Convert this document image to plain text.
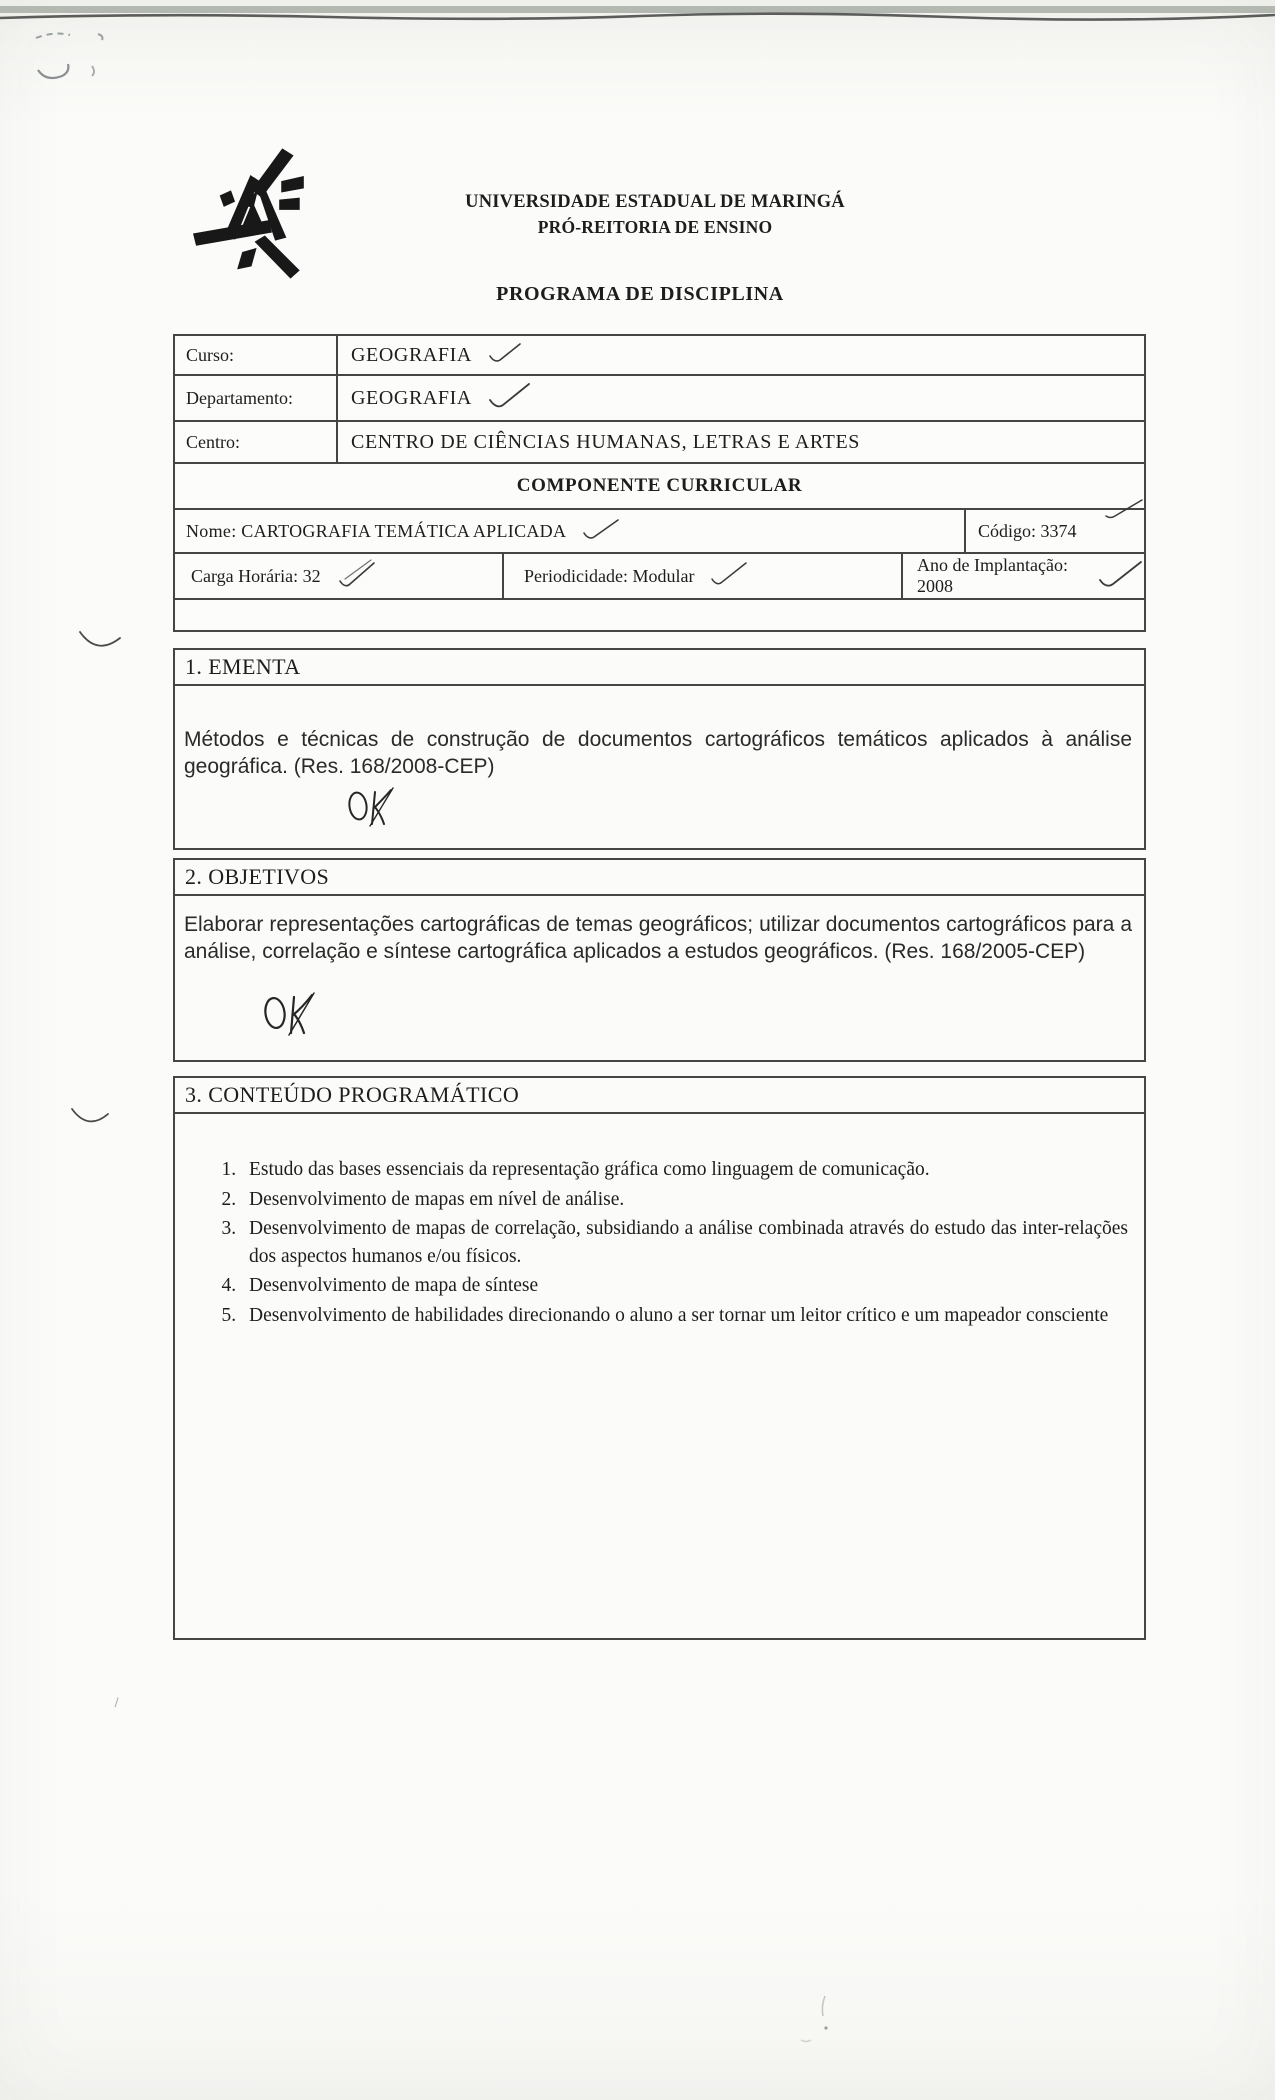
UNIVERSIDADE ESTADUAL DE MARINGÁ
PRÓ-REITORIA DE ENSINO
PROGRAMA DE DISCIPLINA
Curso:	GEOGRAFIA
Departamento:	GEOGRAFIA
Centro:	CENTRO DE CIÊNCIAS HUMANAS, LETRAS E ARTES
COMPONENTE CURRICULAR
Nome: CARTOGRAFIA TEMÁTICA APLICADA	Código: 3374
Carga Horária: 32	Periodicidade: Modular
Ano de Implantação: 2008
1. EMENTA

Métodos e técnicas de construção de documentos cartográficos temáticos aplicados à análise geográfica. (Res. 168/2008-CEP)

2. OBJETIVOS

Elaborar representações cartográficas de temas geográficos; utilizar documentos cartográficos para a análise, correlação e síntese cartográfica aplicados a estudos geográficos. (Res. 168/2005-CEP)

3. CONTEÚDO PROGRAMÁTICO
1. Estudo das bases essenciais da representação gráfica como linguagem de comunicação.
2. Desenvolvimento de mapas em nível de análise.
3. Desenvolvimento de mapas de correlação, subsidiando a análise combinada através do estudo das inter-relações dos aspectos humanos e/ou físicos.
4. Desenvolvimento de mapa de síntese
5. Desenvolvimento de habilidades direcionando o aluno a ser tornar um leitor crítico e um mapeador consciente
